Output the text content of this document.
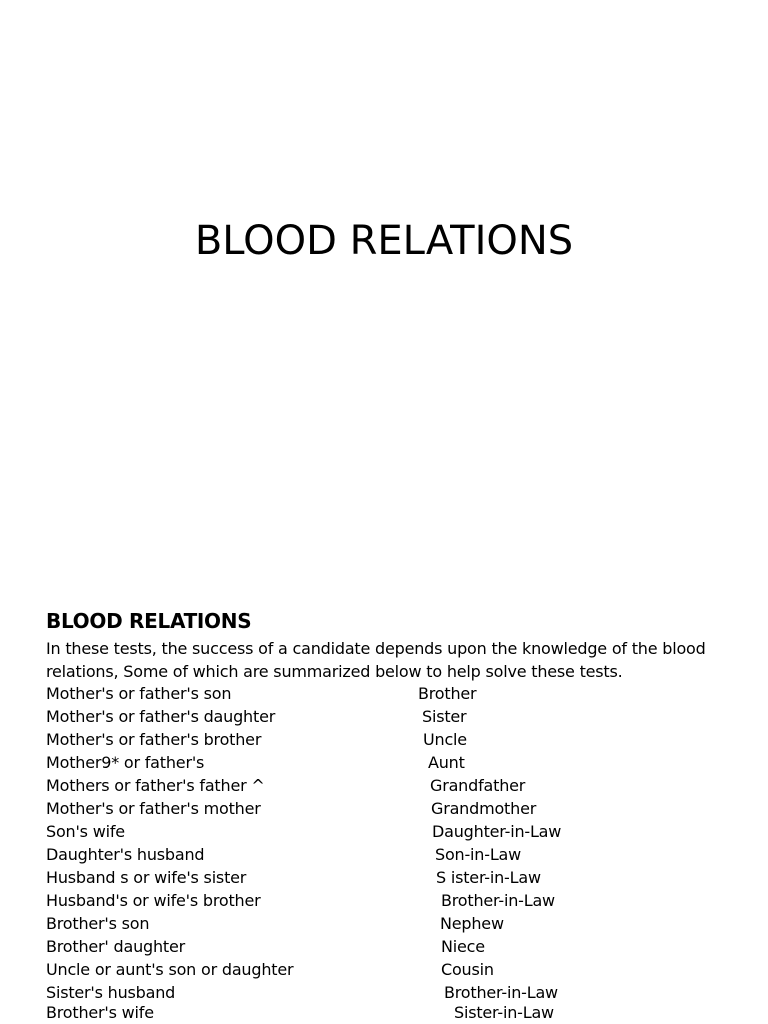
BLOOD RELATIONS
BLOOD RELATIONS

In these tests, the success of a candidate depends upon the knowledge of the blood relations, Some of which are summarized below to help solve these tests.

Mother's or father's son	Brother
Mother's or father's daughter	Sister
Mother's or father's brother	Uncle
Mother9* or father's	Aunt
Mothers or father's father ^	Grandfather
Mother's or father's mother	Grandmother
Son's wife	Daughter-in-Law
Daughter's husband	Son-in-Law
Husband s or wife's sister	S ister-in-Law
Husband's or wife's brother	Brother-in-Law
Brother's son	Nephew
Brother' daughter	Niece
Uncle or aunt's son or daughter	Cousin
Sister's husband	Brother-in-Law
Brother's wife	Sister-in-Law
